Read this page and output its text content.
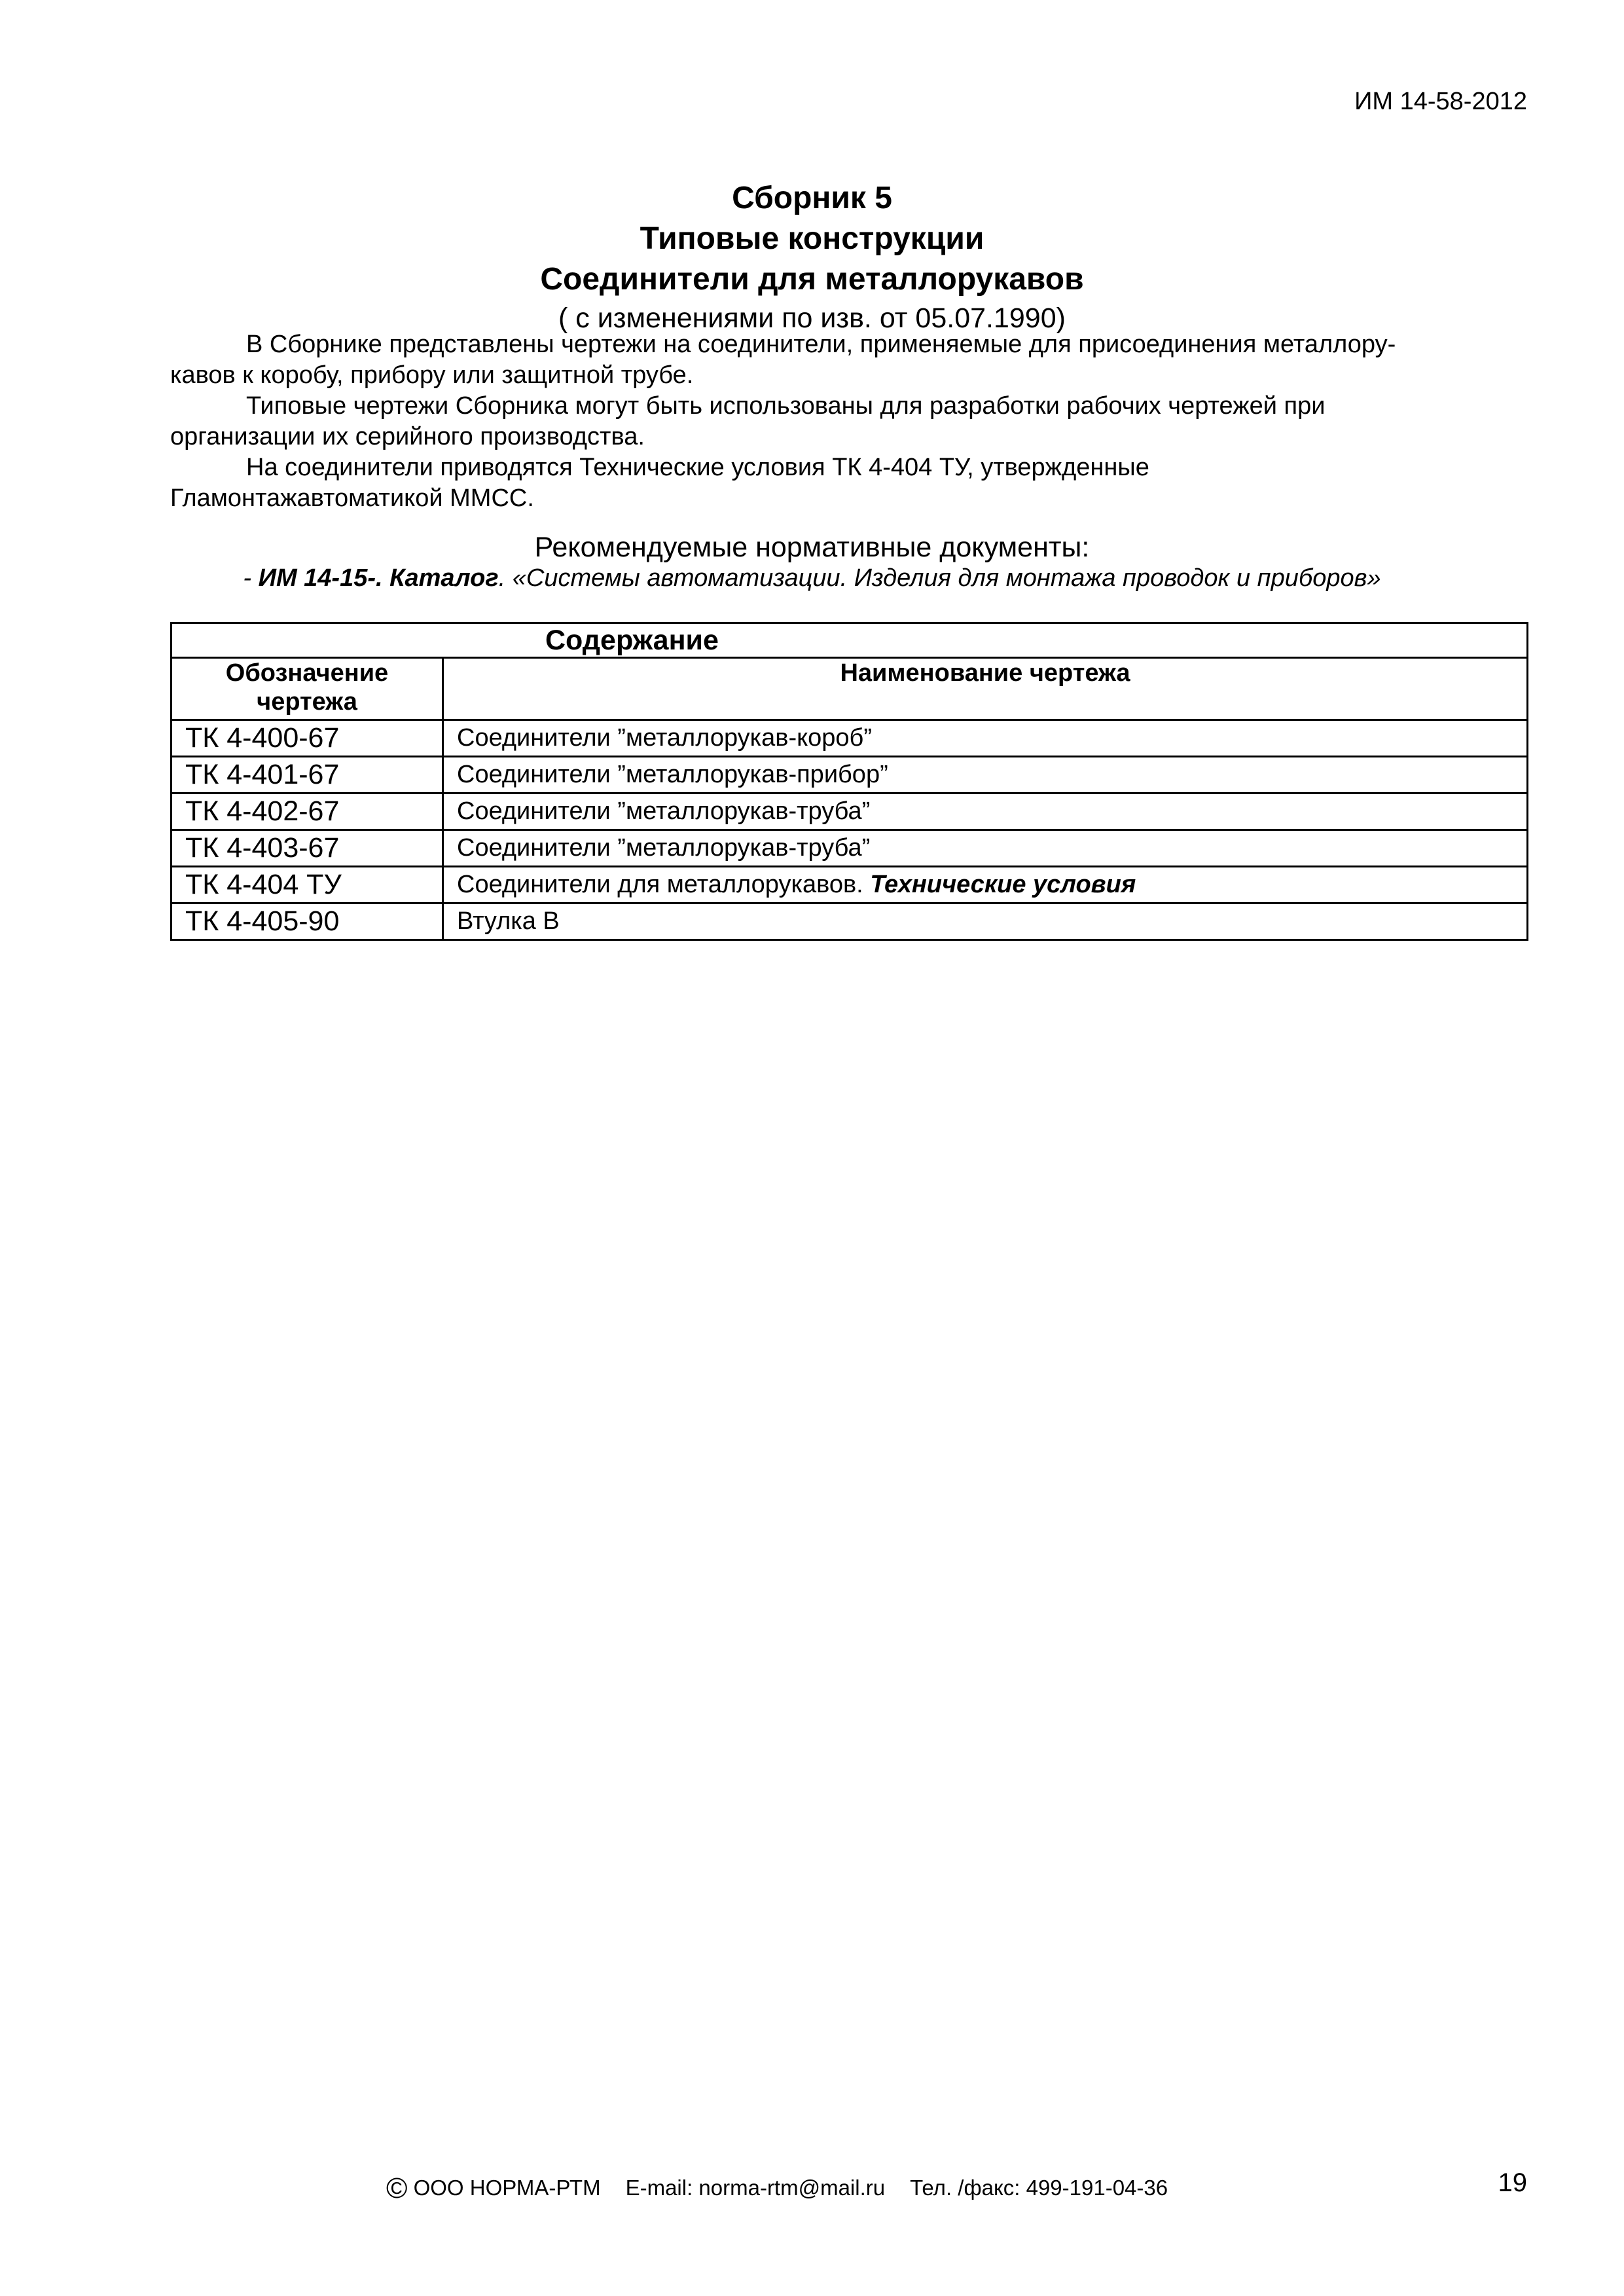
ИМ 14-58-2012
Сборник 5
Типовые конструкции
Соединители для металлорукавов
( с изменениями по изв. от 05.07.1990)
В Сборнике представлены чертежи на соединители, применяемые для присоединения металлору-
кавов к коробу, прибору или защитной трубе.
Типовые чертежи Сборника могут быть использованы для разработки рабочих чертежей при
организации их серийного производства.
На соединители приводятся Технические условия ТК 4-404 ТУ, утвержденные
Гламонтажавтоматикой ММСС.
Рекомендуемые нормативные документы:
- ИМ 14-15-. Каталог. «Системы автоматизации. Изделия для монтажа проводок и приборов»
Содержание	
Обозначение
чертежа	Наименование чертежа
ТК 4-400-67	Соединители ”металлорукав-короб”
ТК 4-401-67	Соединители ”металлорукав-прибор”
ТК 4-402-67	Соединители ”металлорукав-труба”
ТК 4-403-67	Соединители ”металлорукав-труба”
ТК 4-404 ТУ	Соединители для металлорукавов. Технические условия
ТК 4-405-90	Втулка В
© ООО НОРМА-РТМ E-mail: norma-rtm@mail.ru Тел. /факс: 499-191-04-36	19
